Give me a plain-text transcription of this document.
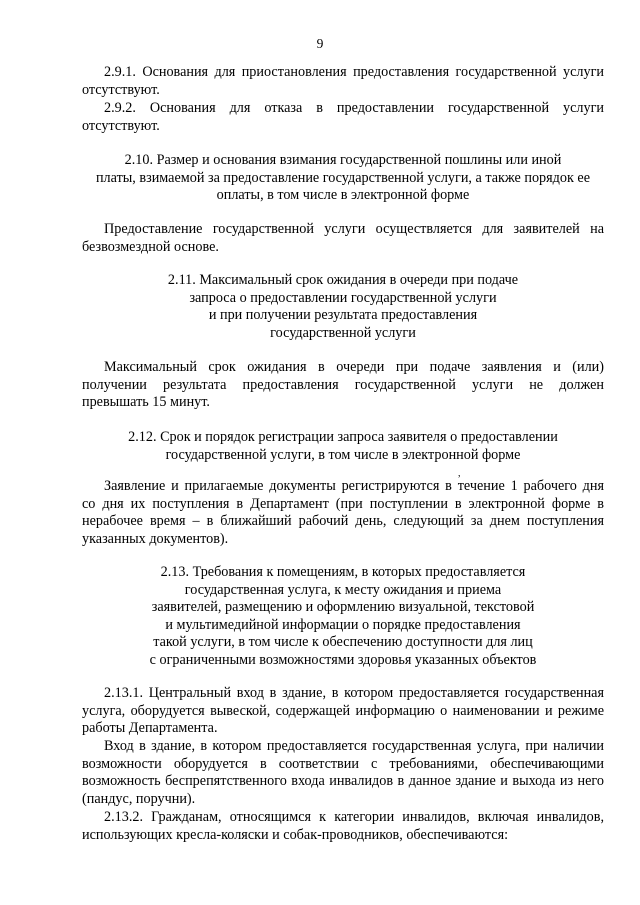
9
2.9.1. Основания для приостановления предоставления государственной услуги
отсутствуют.
2.9.2. Основания для отказа в предоставлении государственной услуги
отсутствуют.
2.10. Размер и основания взимания государственной пошлины или иной
платы, взимаемой за предоставление государственной услуги, а также порядок ее
оплаты, в том числе в электронной форме
Предоставление государственной услуги осуществляется для заявителей на
безвозмездной основе.
2.11. Максимальный срок ожидания в очереди при подаче
запроса о предоставлении государственной услуги
и при получении результата предоставления
государственной услуги
Максимальный срок ожидания в очереди при подаче заявления и (или)
получении результата предоставления государственной услуги не должен
превышать 15 минут.
2.12. Срок и порядок регистрации запроса заявителя о предоставлении
государственной услуги, в том числе в электронной форме
,
Заявление и прилагаемые документы регистрируются в течение 1 рабочего дня
со дня их поступления в Департамент (при поступлении в электронной форме в
нерабочее время – в ближайший рабочий день, следующий за днем поступления
указанных документов).
2.13. Требования к помещениям, в которых предоставляется
государственная услуга, к месту ожидания и приема
заявителей, размещению и оформлению визуальной, текстовой
и мультимедийной информации о порядке предоставления
такой услуги, в том числе к обеспечению доступности для лиц
с ограниченными возможностями здоровья указанных объектов
2.13.1. Центральный вход в здание, в котором предоставляется государственная
услуга, оборудуется вывеской, содержащей информацию о наименовании и режиме
работы Департамента.
Вход в здание, в котором предоставляется государственная услуга, при наличии
возможности оборудуется в соответствии с требованиями, обеспечивающими
возможность беспрепятственного входа инвалидов в данное здание и выхода из него
(пандус, поручни).
2.13.2. Гражданам, относящимся к категории инвалидов, включая инвалидов,
использующих кресла-коляски и собак-проводников, обеспечиваются:
